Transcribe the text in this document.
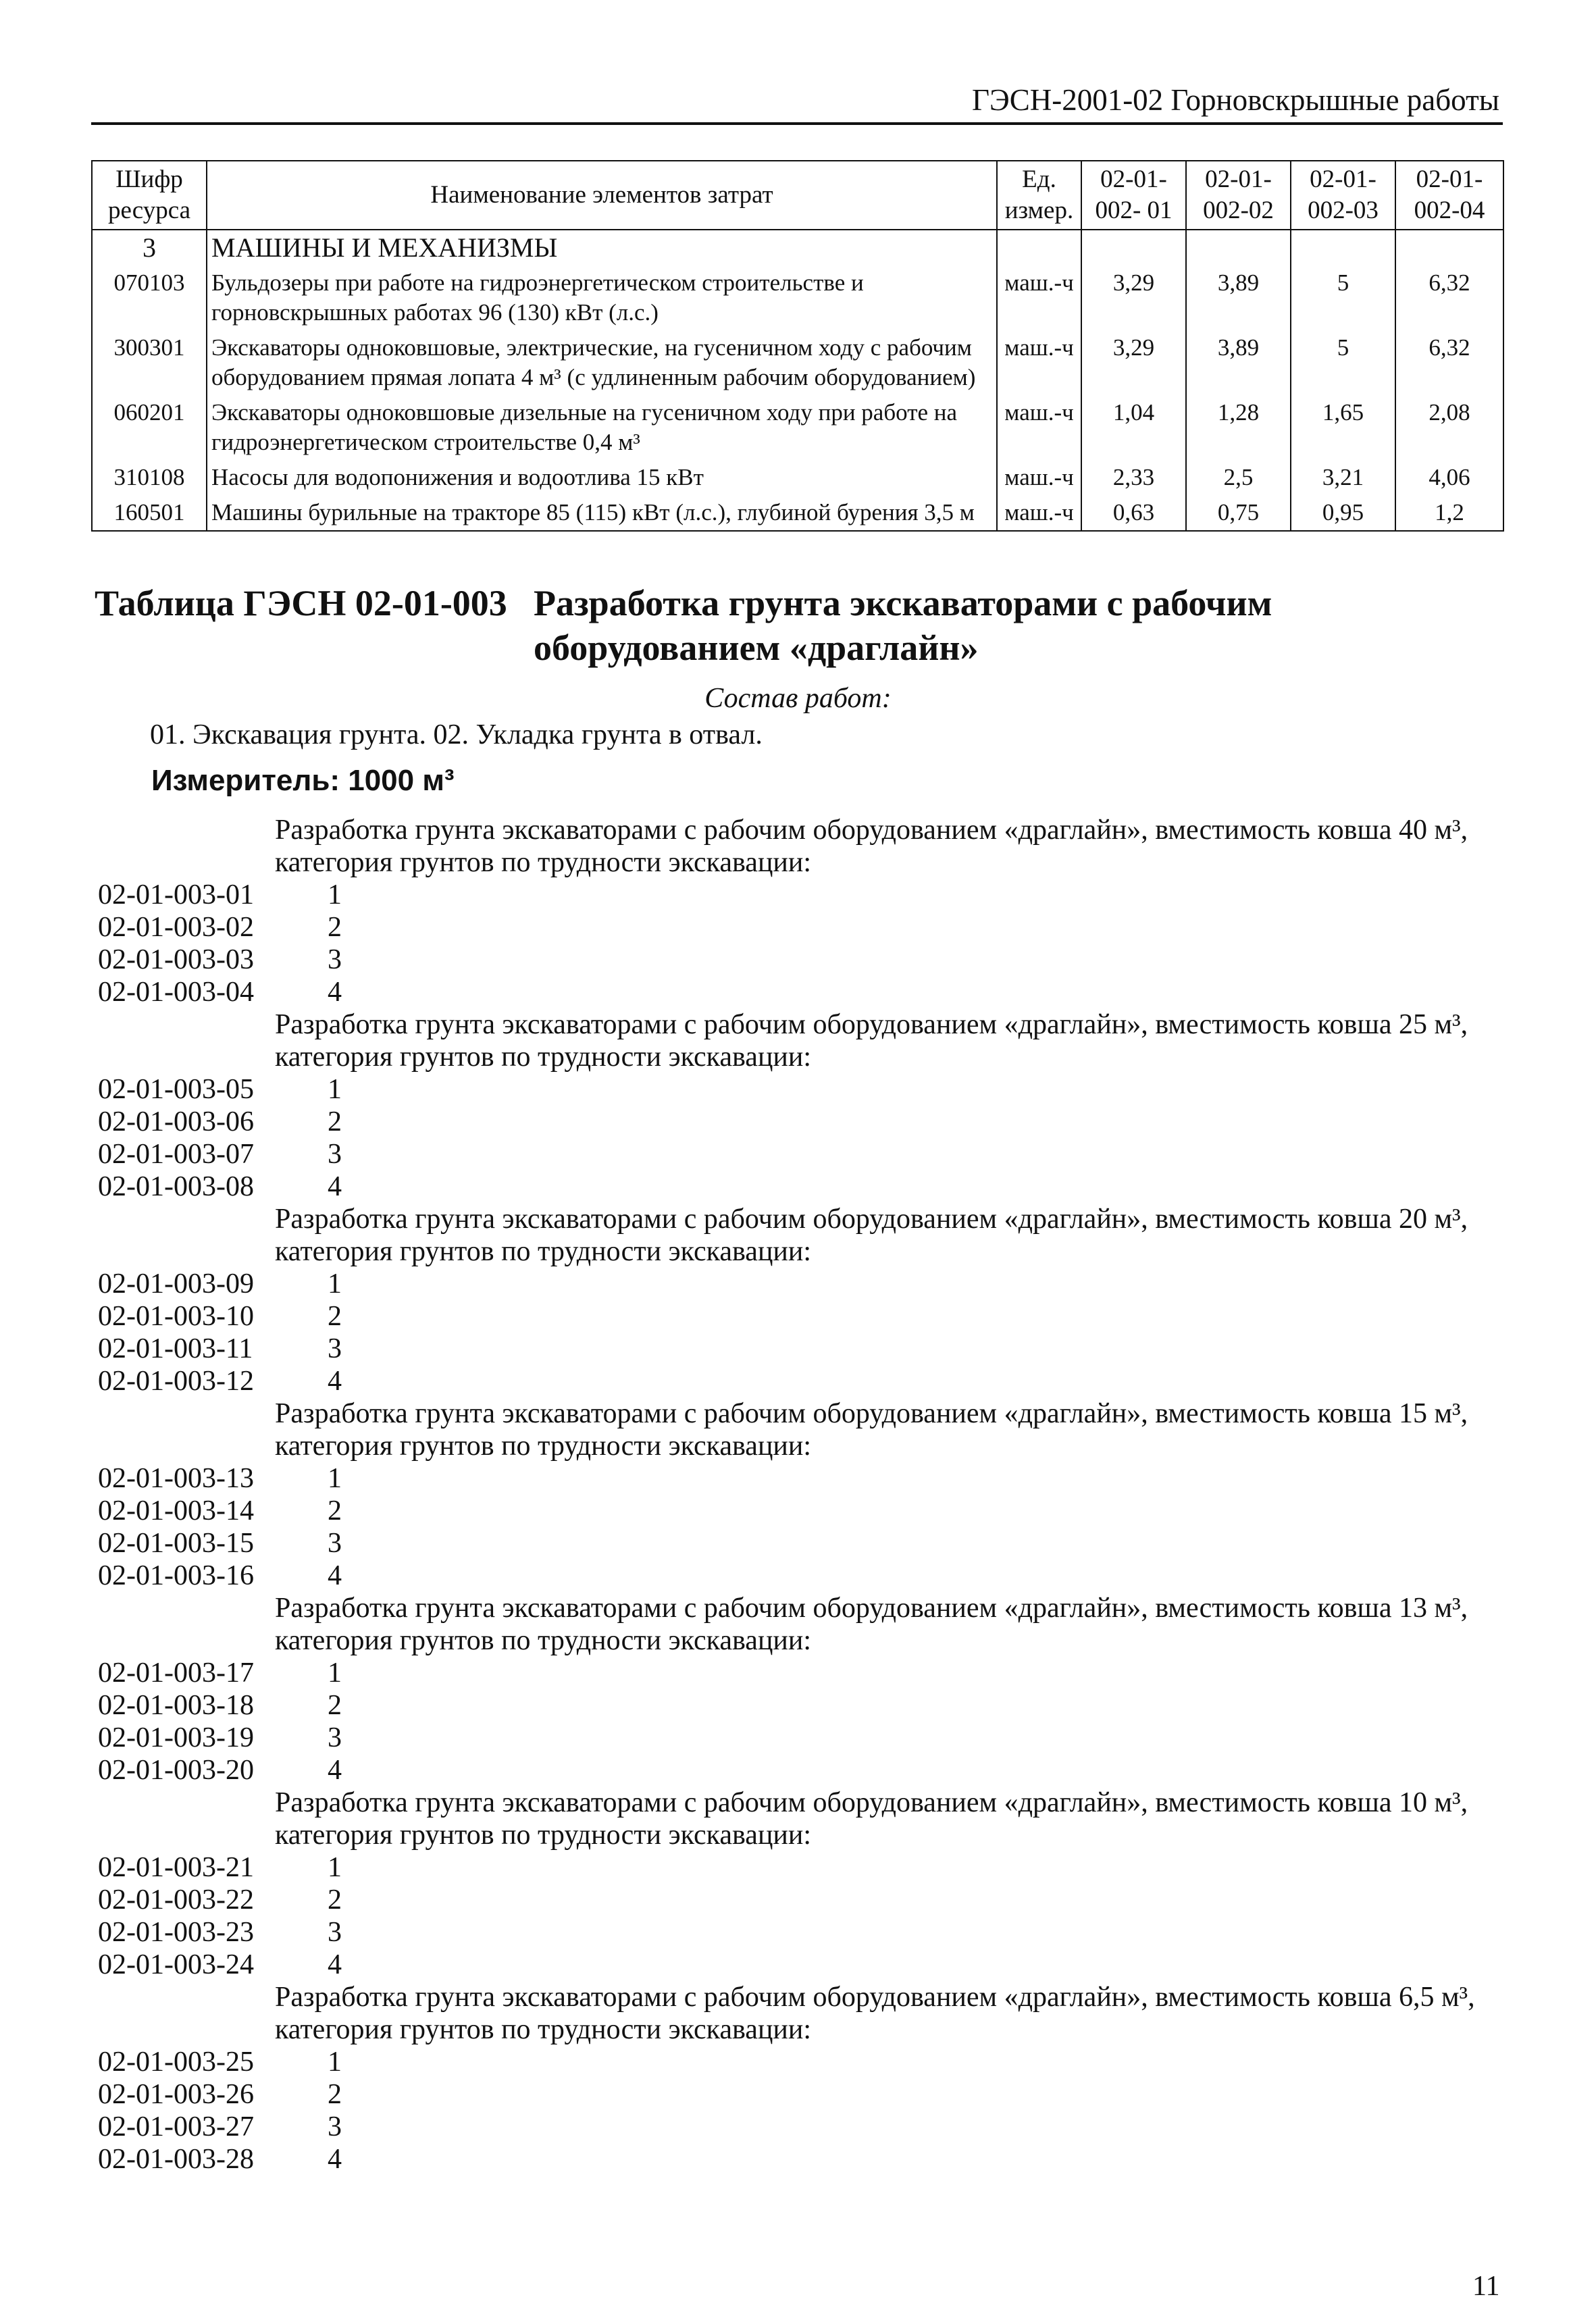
ГЭСН-2001-02 Горновскрышные работы
Шифр ресурса	Наименование элементов затрат	Ед. измер.	02-01-002- 01	02-01-002-02	02-01-002-03	02-01-002-04
3	МАШИНЫ И МЕХАНИЗМЫ					
070103	Бульдозеры при работе на гидроэнергетическом строительстве и горновскрышных работах 96 (130) кВт (л.с.)	маш.-ч	3,29	3,89	5	6,32
300301	Экскаваторы одноковшовые, электрические, на гусеничном ходу с рабочим оборудованием прямая лопата 4 м³ (с удлиненным рабочим оборудованием)	маш.-ч	3,29	3,89	5	6,32
060201	Экскаваторы одноковшовые дизельные на гусеничном ходу при работе на гидроэнергетическом строительстве 0,4 м³	маш.-ч	1,04	1,28	1,65	2,08
310108	Насосы для водопонижения и водоотлива 15 кВт	маш.-ч	2,33	2,5	3,21	4,06
160501	Машины бурильные на тракторе 85 (115) кВт (л.с.), глубиной бурения 3,5 м	маш.-ч	0,63	0,75	0,95	1,2
Таблица ГЭСН 02-01-003 Разработка грунта экскаваторами с рабочим оборудованием «драглайн»
Состав работ:
01. Экскавация грунта. 02. Укладка грунта в отвал.
Измеритель: 1000 м³
Разработка грунта экскаваторами с рабочим оборудованием «драглайн», вместимость ковша 40 м³, категория грунтов по трудности экскавации:
02-01-003-01	1
02-01-003-02	2
02-01-003-03	3
02-01-003-04	4
Разработка грунта экскаваторами с рабочим оборудованием «драглайн», вместимость ковша 25 м³, категория грунтов по трудности экскавации:
02-01-003-05	1
02-01-003-06	2
02-01-003-07	3
02-01-003-08	4
Разработка грунта экскаваторами с рабочим оборудованием «драглайн», вместимость ковша 20 м³, категория грунтов по трудности экскавации:
02-01-003-09	1
02-01-003-10	2
02-01-003-11	3
02-01-003-12	4
Разработка грунта экскаваторами с рабочим оборудованием «драглайн», вместимость ковша 15 м³, категория грунтов по трудности экскавации:
02-01-003-13	1
02-01-003-14	2
02-01-003-15	3
02-01-003-16	4
Разработка грунта экскаваторами с рабочим оборудованием «драглайн», вместимость ковша 13 м³, категория грунтов по трудности экскавации:
02-01-003-17	1
02-01-003-18	2
02-01-003-19	3
02-01-003-20	4
Разработка грунта экскаваторами с рабочим оборудованием «драглайн», вместимость ковша 10 м³, категория грунтов по трудности экскавации:
02-01-003-21	1
02-01-003-22	2
02-01-003-23	3
02-01-003-24	4
Разработка грунта экскаваторами с рабочим оборудованием «драглайн», вместимость ковша 6,5 м³, категория грунтов по трудности экскавации:
02-01-003-25	1
02-01-003-26	2
02-01-003-27	3
02-01-003-28	4
11
